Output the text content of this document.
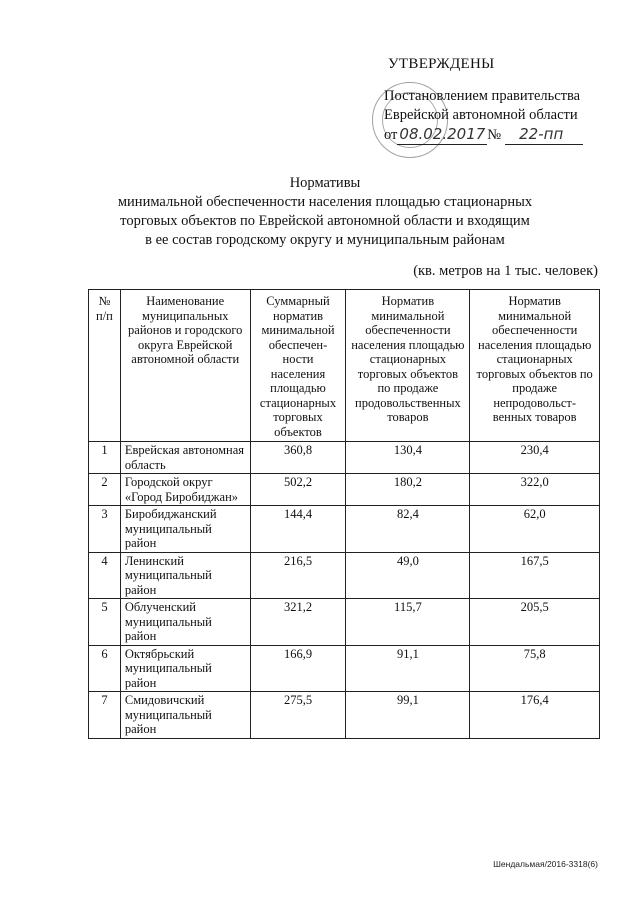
УТВЕРЖДЕНЫ
Постановлением правительства
Еврейской автономной области
от 08.02.2017 №	22-пп
Нормативы
минимальной обеспеченности населения площадью стационарных
торговых объектов по Еврейской автономной области и входящим
в ее состав городскому округу и муниципальным районам
(кв. метров на 1 тыс. человек)
№ п/п	Наименование муниципальных районов и городского округа Еврейской автономной области	Суммарный норматив минимальной обеспечен- ности населения площадью стационарных торговых объектов	Норматив минимальной обеспеченности населения площадью стационарных торговых объектов по продаже продовольственных товаров	Норматив минимальной обеспеченности населения площадью стационарных торговых объектов по продаже непродовольст- венных товаров
1	Еврейская автономная область	360,8	130,4	230,4
2	Городской округ «Город Биробиджан»	502,2	180,2	322,0
3	Биробиджанский муниципальный район	144,4	82,4	62,0
4	Ленинский муниципальный район	216,5	49,0	167,5
5	Облученский муниципальный район	321,2	115,7	205,5
6	Октябрьский муниципальный район	166,9	91,1	75,8
7	Смидовичский муниципальный район	275,5	99,1	176,4
Шендальмая/2016-3318(6)
